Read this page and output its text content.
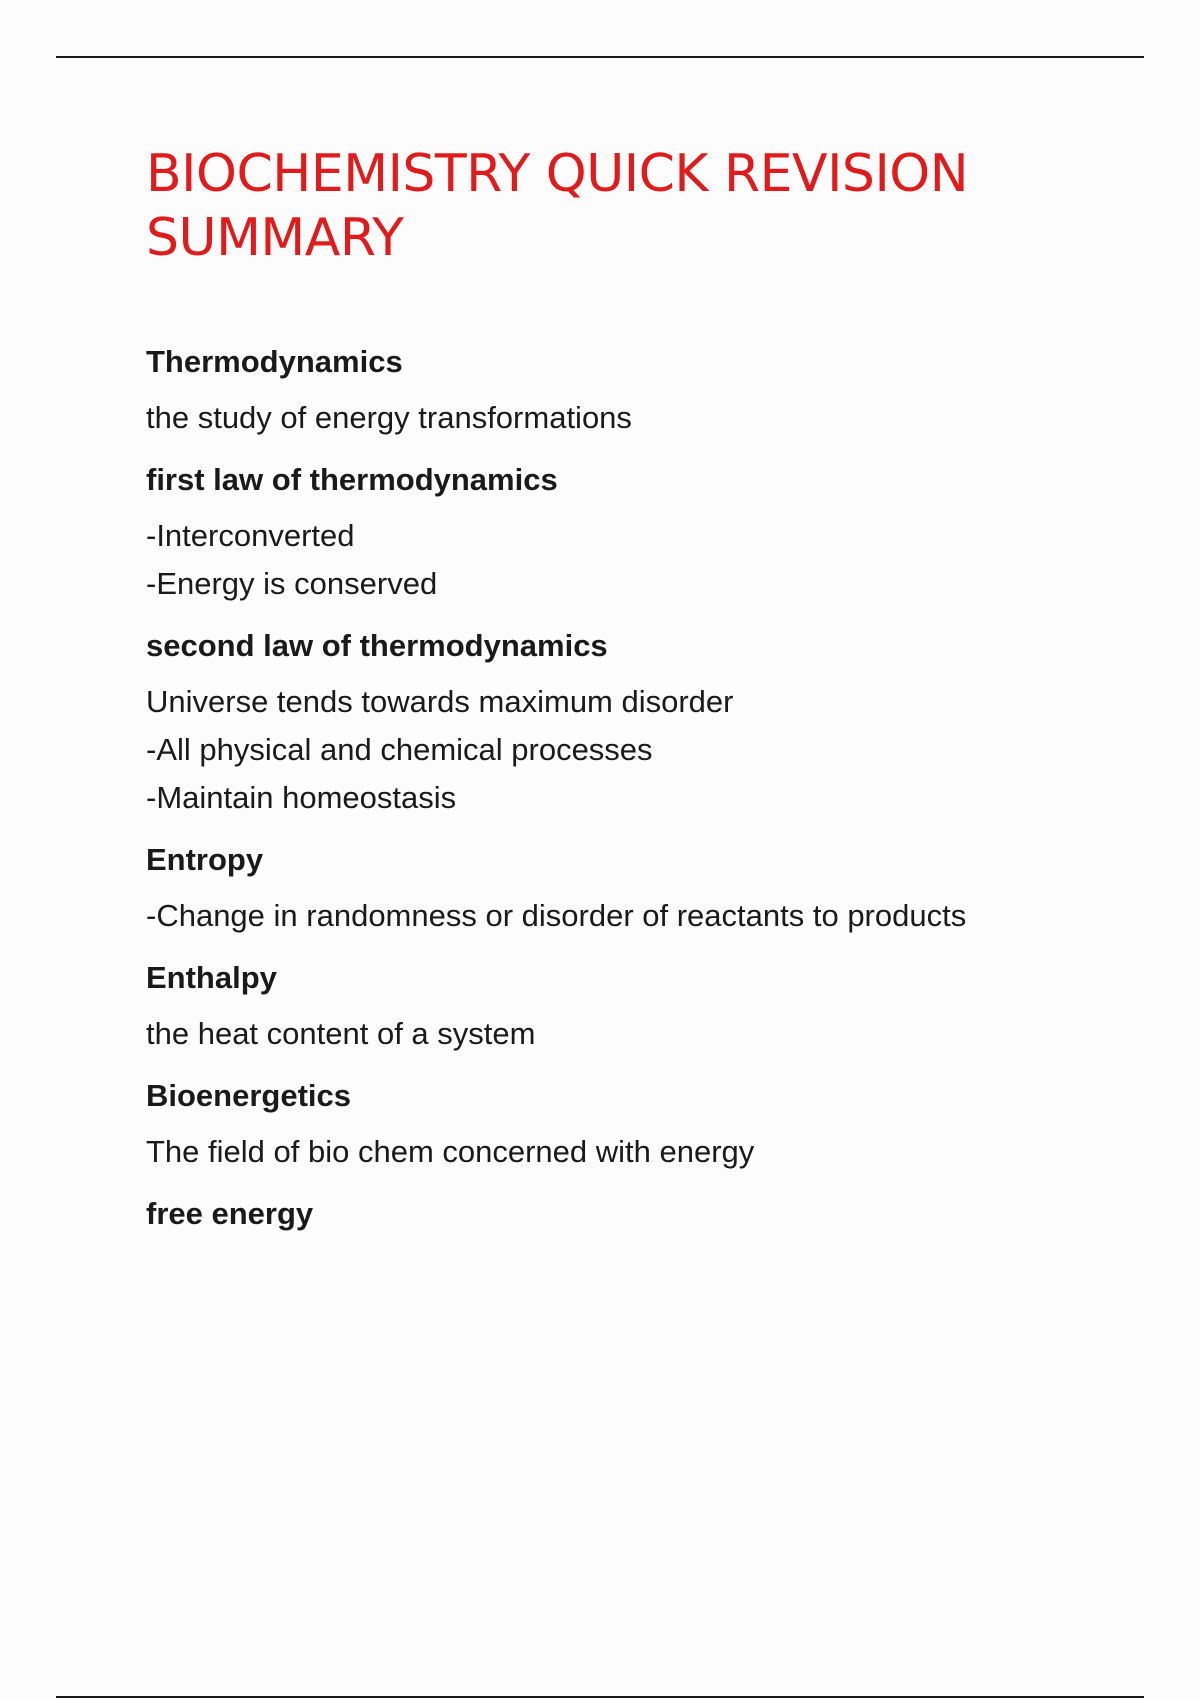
BIOCHEMISTRY QUICK REVISION
SUMMARY

Thermodynamics

the study of energy transformations

first law of thermodynamics

-Interconverted
-Energy is conserved

second law of thermodynamics

Universe tends towards maximum disorder
-All physical and chemical processes
-Maintain homeostasis

Entropy

-Change in randomness or disorder of reactants to products

Enthalpy

the heat content of a system

Bioenergetics

The field of bio chem concerned with energy

free energy
